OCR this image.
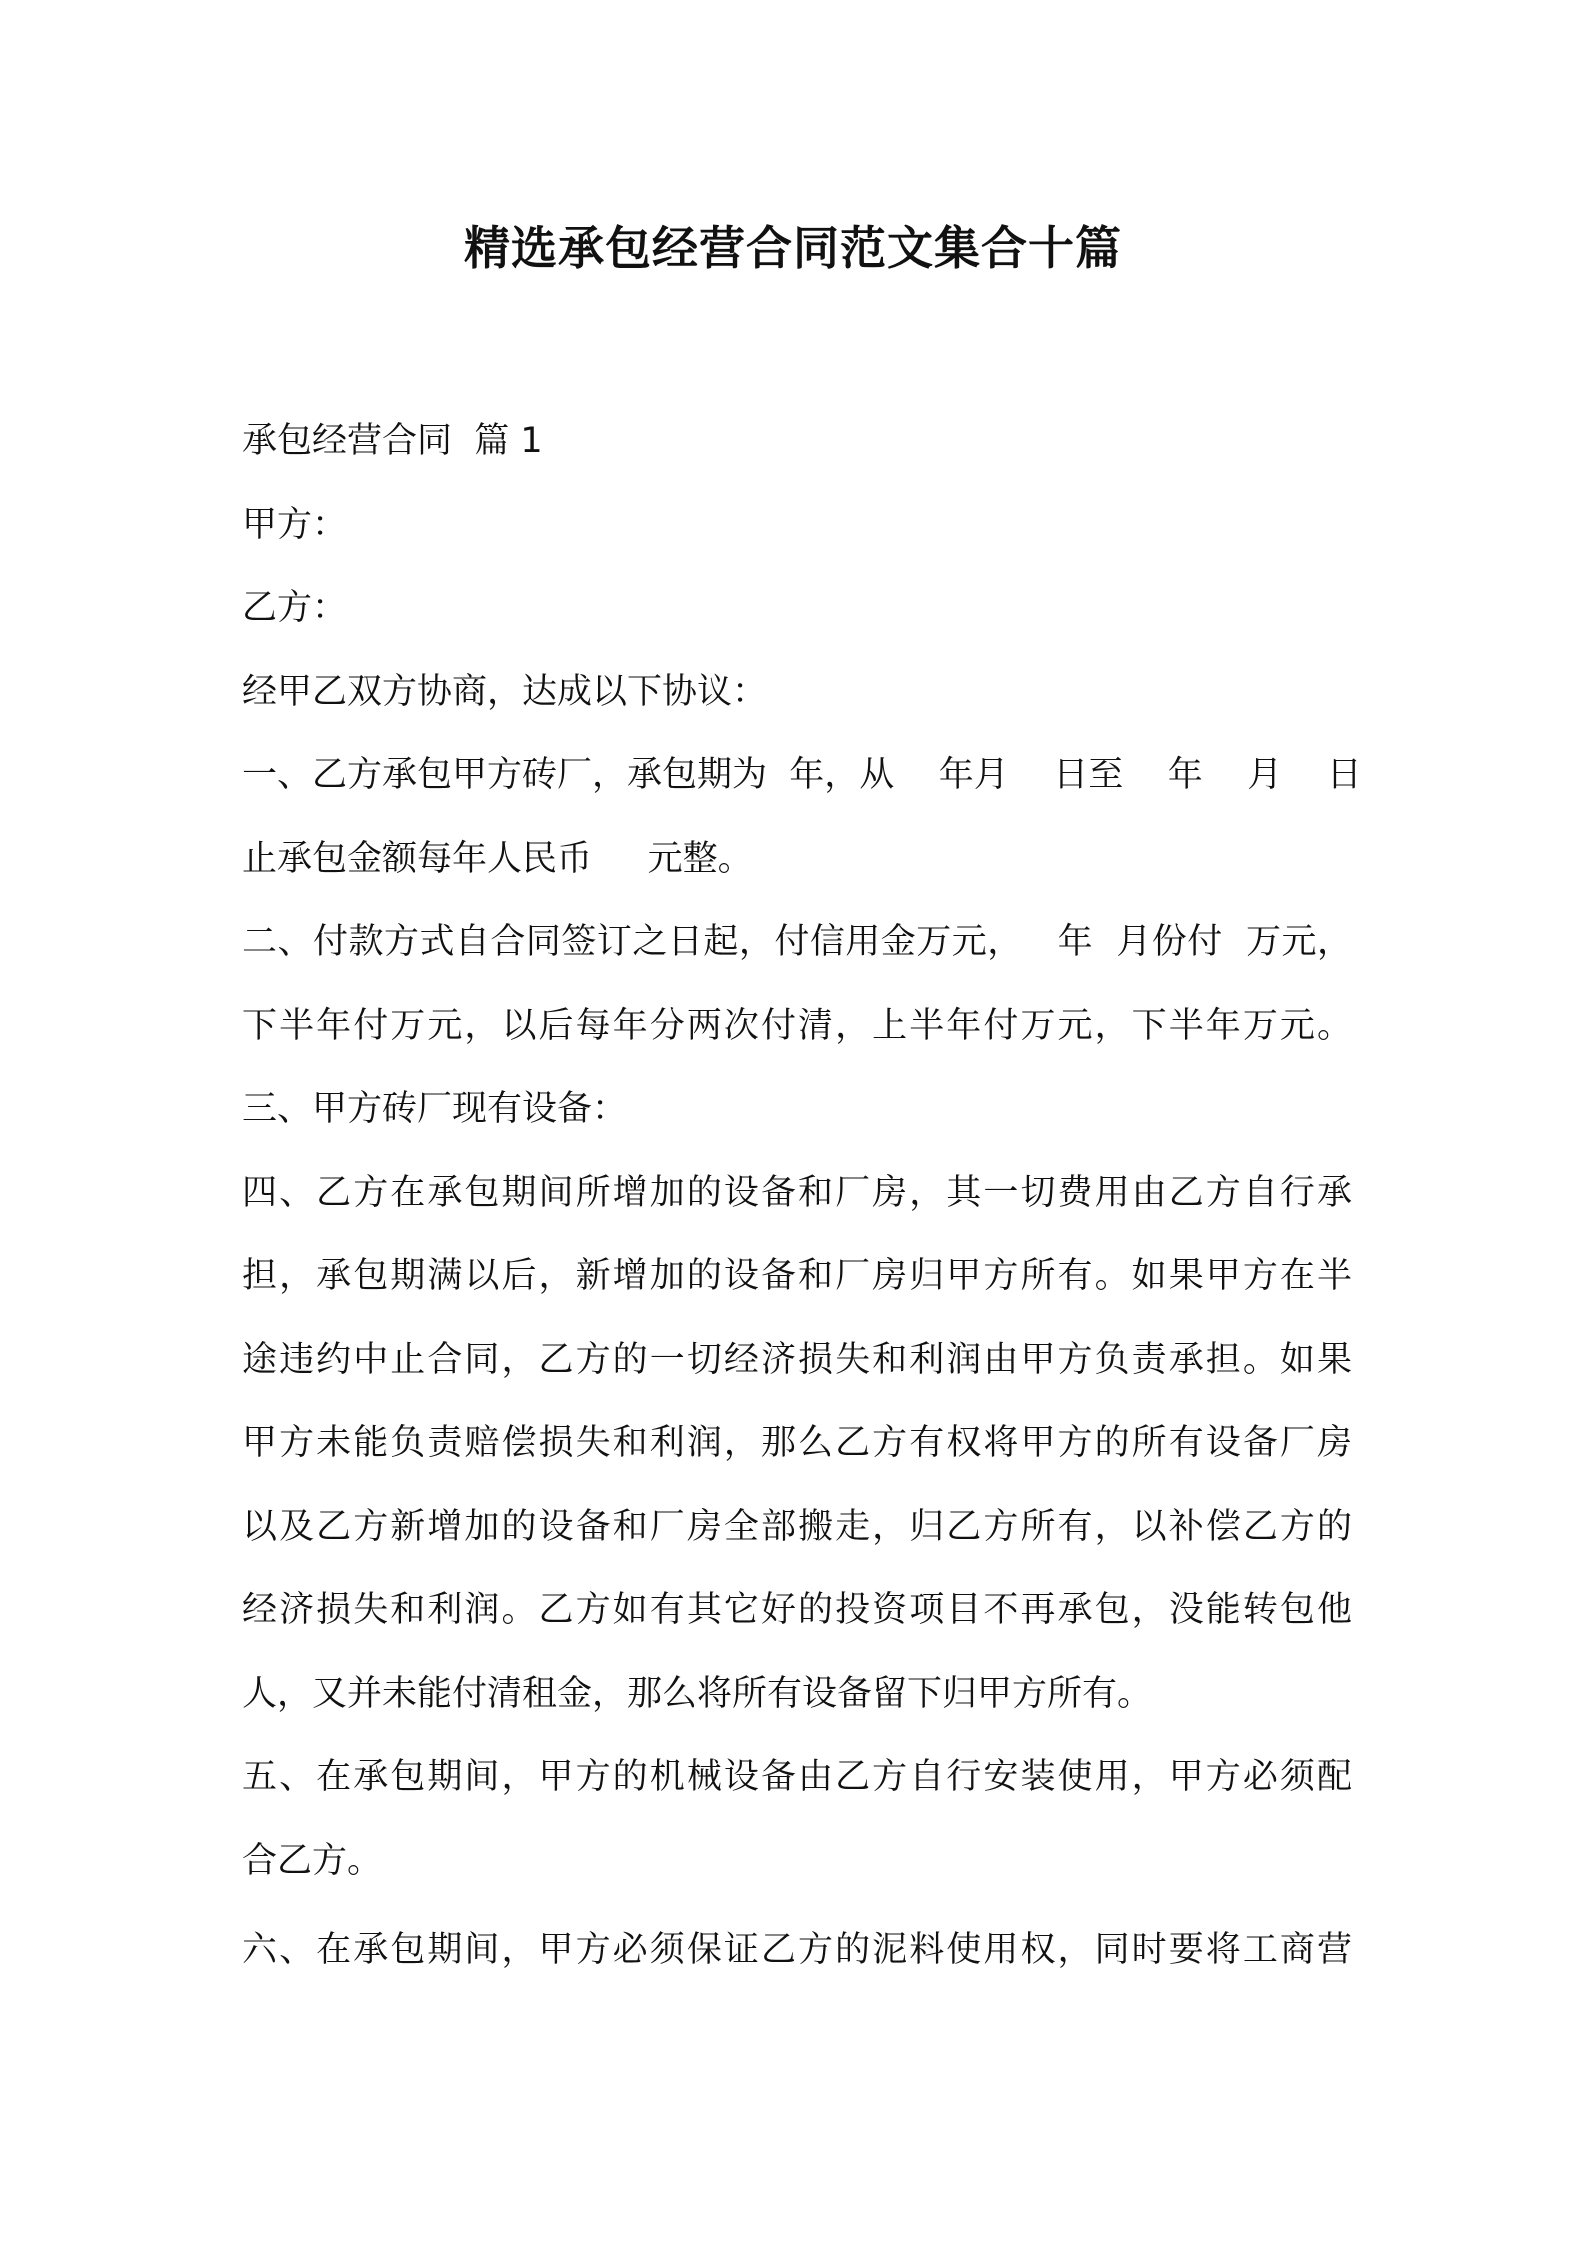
精选承包经营合同范文集合十篇

承包经营合同  篇 1

甲方：

乙方：

经甲乙双方协商，达成以下协议：

一、乙方承包甲方砖厂，承包期为  年，从    年月    日至    年    月    日

止承包金额每年人民币     元整。

二、付款方式自合同签订之日起，付信用金万元，   年  月份付  万元，

下半年付万元，以后每年分两次付清，上半年付万元，下半年万元。

三、甲方砖厂现有设备：

四、乙方在承包期间所增加的设备和厂房，其一切费用由乙方自行承

担，承包期满以后，新增加的设备和厂房归甲方所有。如果甲方在半

途违约中止合同，乙方的一切经济损失和利润由甲方负责承担。如果

甲方未能负责赔偿损失和利润，那么乙方有权将甲方的所有设备厂房

以及乙方新增加的设备和厂房全部搬走，归乙方所有，以补偿乙方的

经济损失和利润。乙方如有其它好的投资项目不再承包，没能转包他

人，又并未能付清租金，那么将所有设备留下归甲方所有。

五、在承包期间，甲方的机械设备由乙方自行安装使用，甲方必须配

合乙方。

六、在承包期间，甲方必须保证乙方的泥料使用权，同时要将工商营
